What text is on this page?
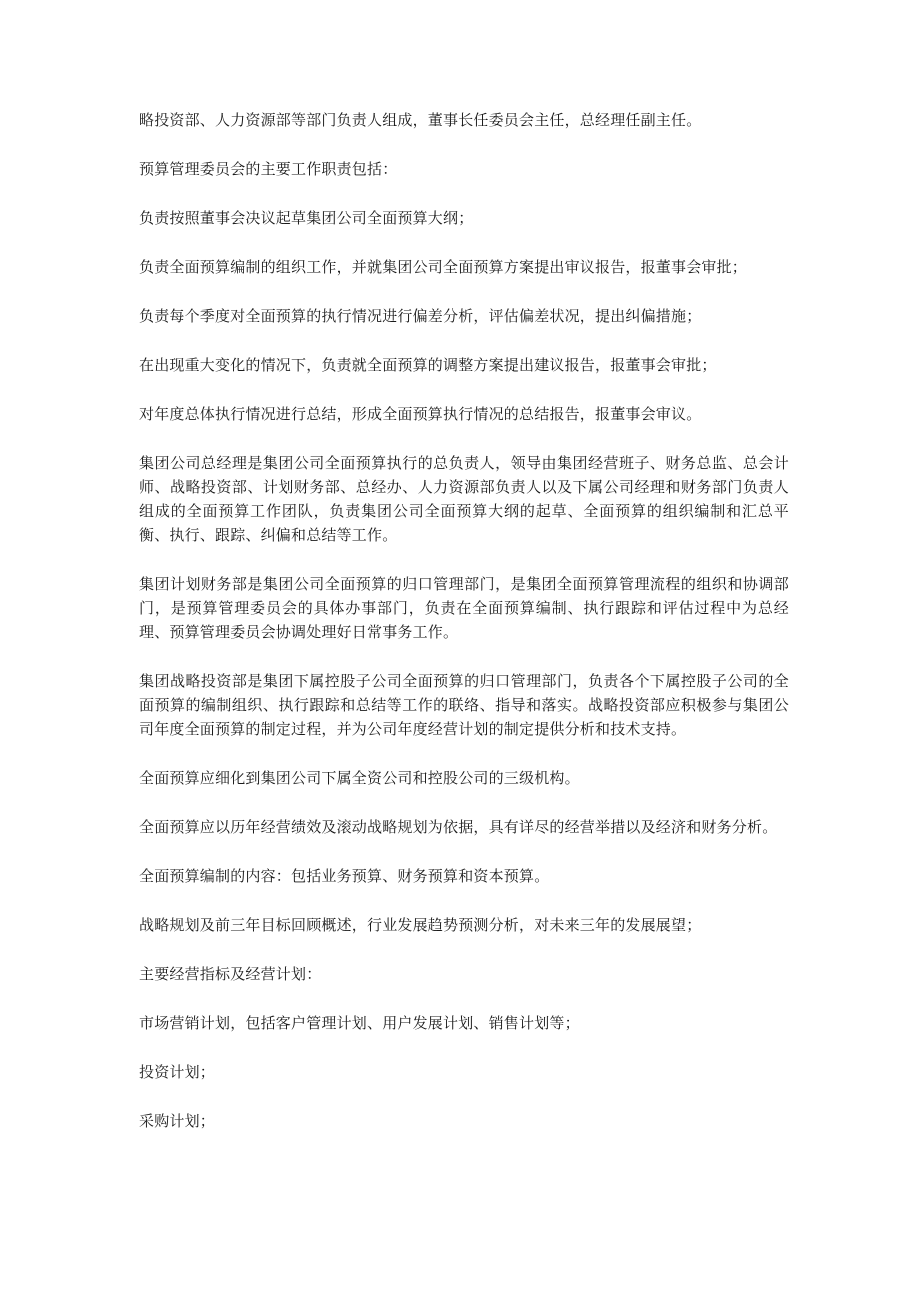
略投资部、人力资源部等部门负责人组成，董事长任委员会主任，总经理任副主任。

预算管理委员会的主要工作职责包括：

负责按照董事会决议起草集团公司全面预算大纲；

负责全面预算编制的组织工作，并就集团公司全面预算方案提出审议报告，报董事会审批；

负责每个季度对全面预算的执行情况进行偏差分析，评估偏差状况，提出纠偏措施；

在出现重大变化的情况下，负责就全面预算的调整方案提出建议报告，报董事会审批；

对年度总体执行情况进行总结，形成全面预算执行情况的总结报告，报董事会审议。

集团公司总经理是集团公司全面预算执行的总负责人，领导由集团经营班子、财务总监、总会计师、战略投资部、计划财务部、总经办、人力资源部负责人以及下属公司经理和财务部门负责人组成的全面预算工作团队，负责集团公司全面预算大纲的起草、全面预算的组织编制和汇总平衡、执行、跟踪、纠偏和总结等工作。

集团计划财务部是集团公司全面预算的归口管理部门，是集团全面预算管理流程的组织和协调部门，是预算管理委员会的具体办事部门，负责在全面预算编制、执行跟踪和评估过程中为总经理、预算管理委员会协调处理好日常事务工作。

集团战略投资部是集团下属控股子公司全面预算的归口管理部门，负责各个下属控股子公司的全面预算的编制组织、执行跟踪和总结等工作的联络、指导和落实。战略投资部应积极参与集团公司年度全面预算的制定过程，并为公司年度经营计划的制定提供分析和技术支持。

全面预算应细化到集团公司下属全资公司和控股公司的三级机构。

全面预算应以历年经营绩效及滚动战略规划为依据，具有详尽的经营举措以及经济和财务分析。

全面预算编制的内容：包括业务预算、财务预算和资本预算。

战略规划及前三年目标回顾概述，行业发展趋势预测分析，对未来三年的发展展望；

主要经营指标及经营计划：

市场营销计划，包括客户管理计划、用户发展计划、销售计划等；

投资计划；

采购计划；
